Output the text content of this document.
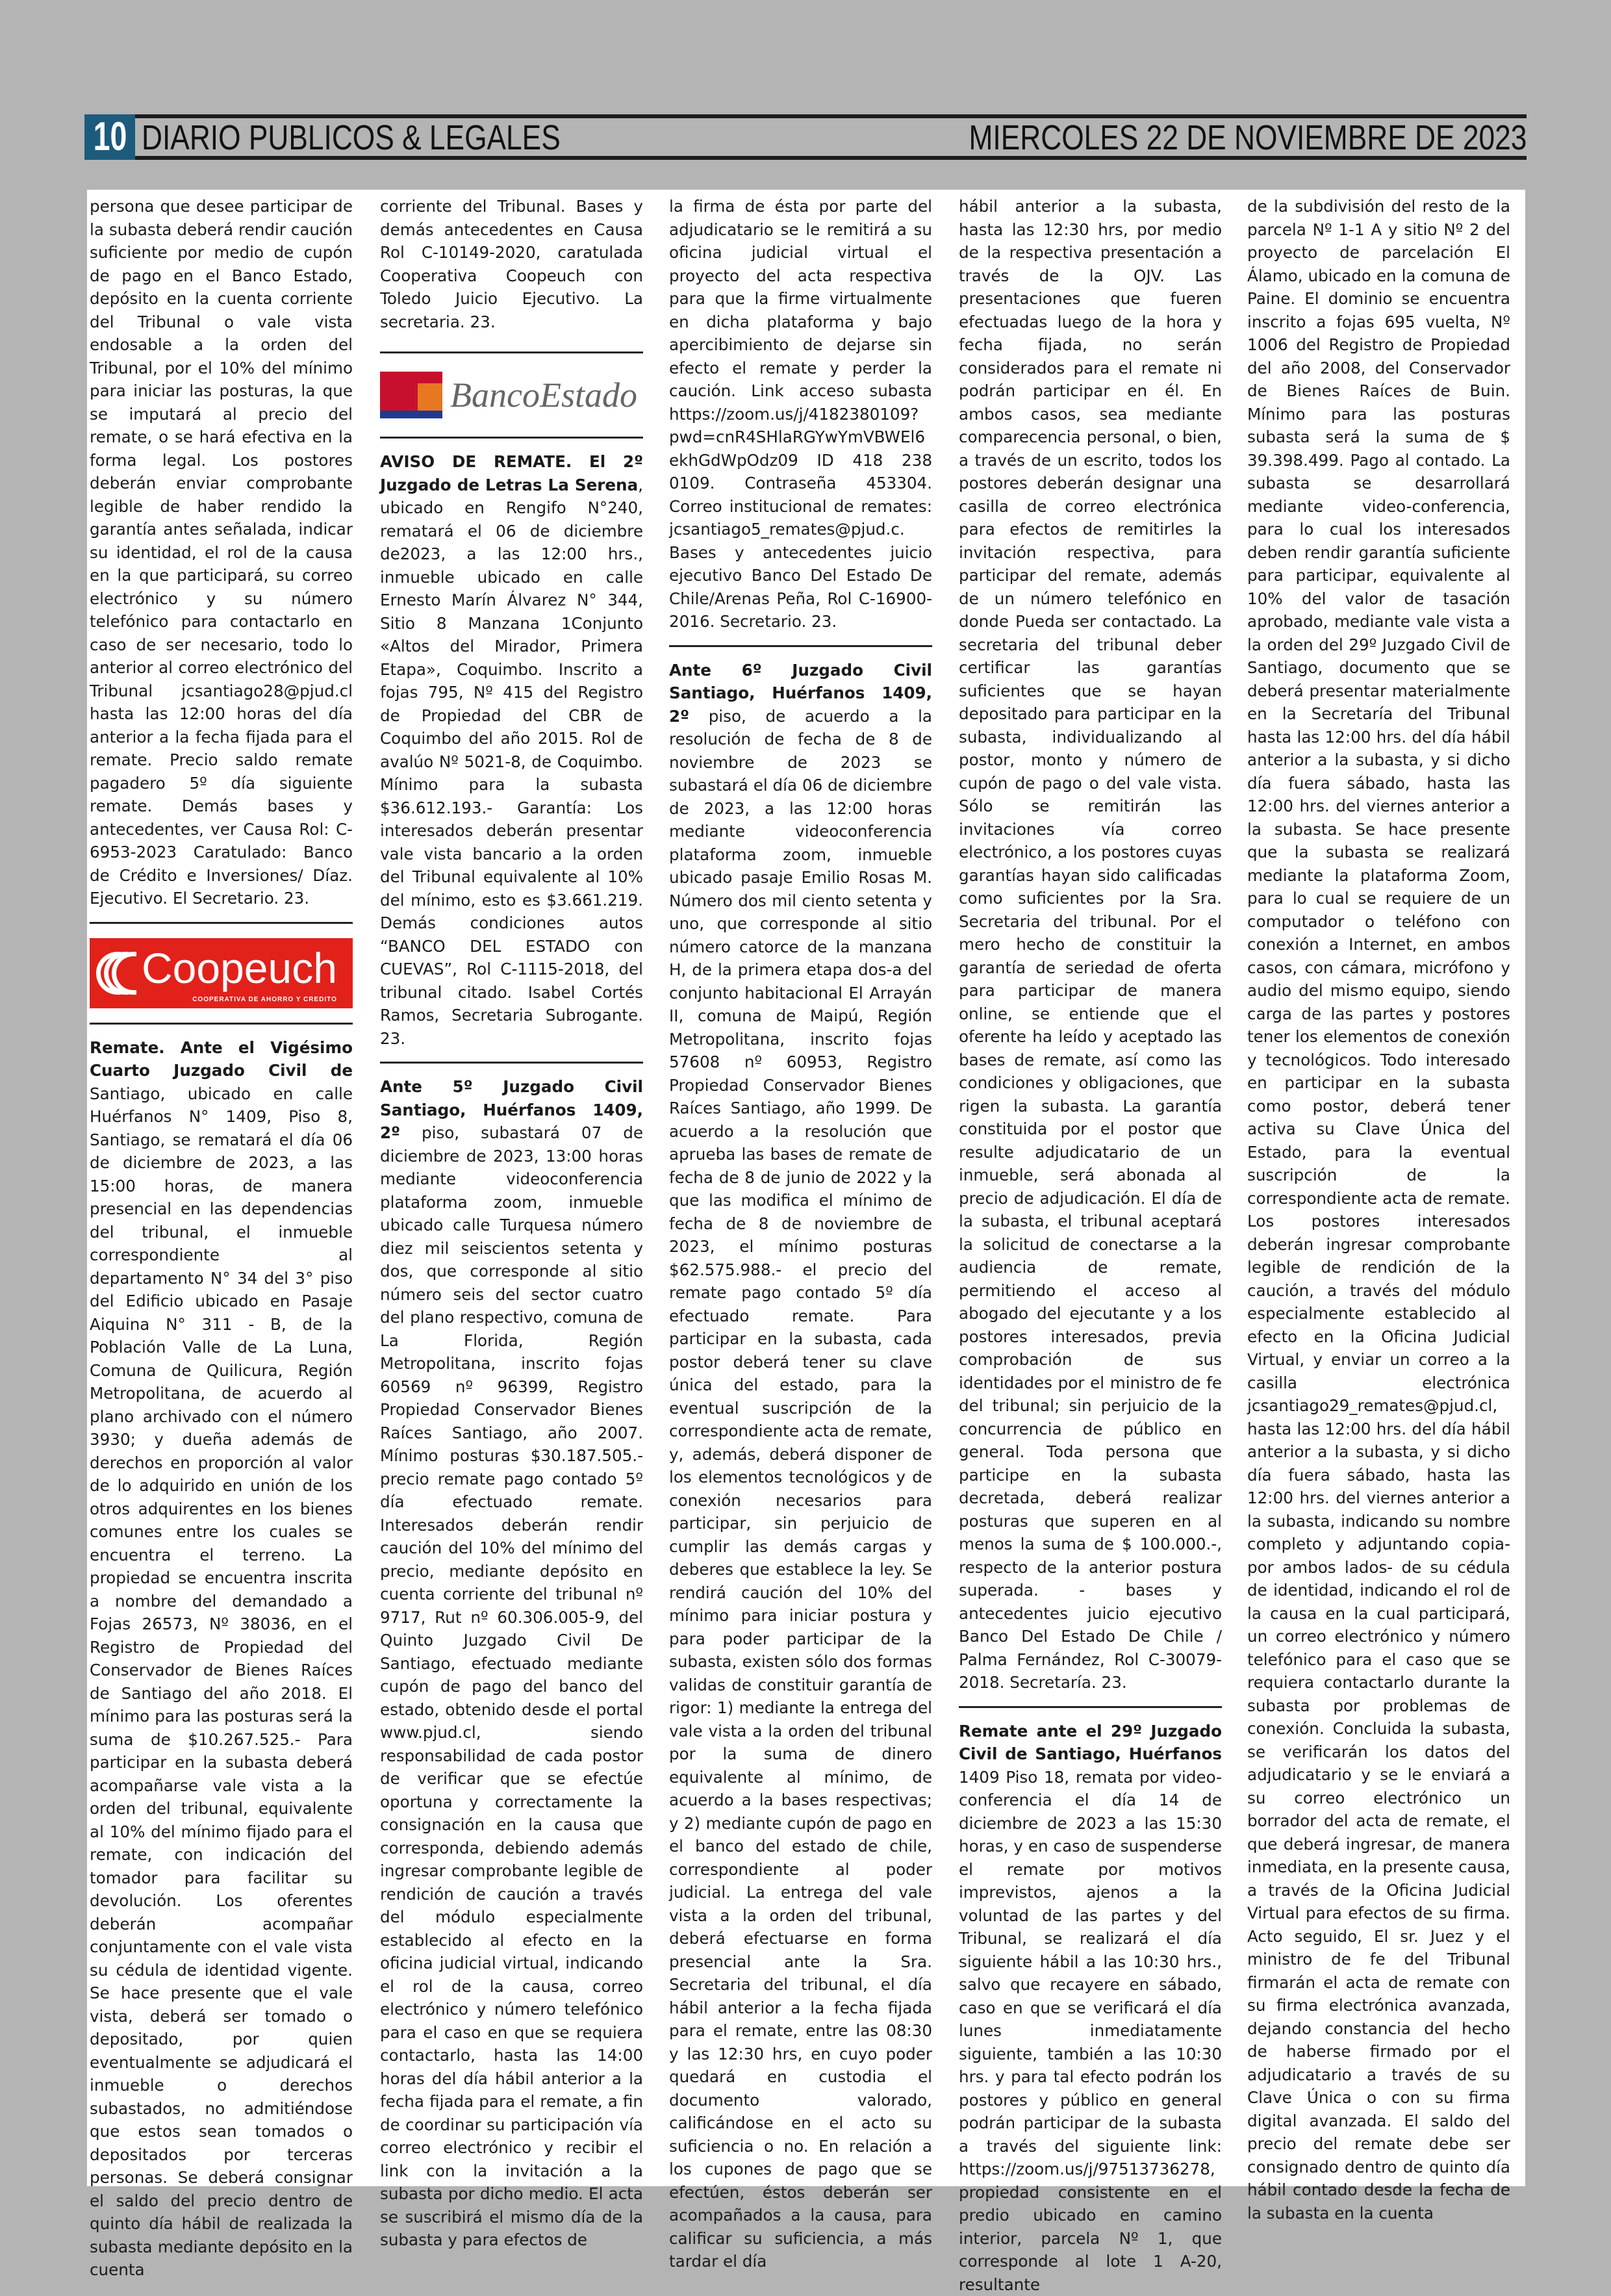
10 DIARIO PUBLICOS & LEGALES	MIERCOLES 22 DE NOVIEMBRE DE 2023

persona que desee participar de la subasta deberá rendir caución suficiente por medio de cupón de pago en el Banco Estado, depósito en la cuenta corriente del Tribunal o vale vista endosable a la orden del Tribunal, por el 10% del mínimo para iniciar las posturas, la que se imputará al precio del remate, o se hará efectiva en la forma legal. Los postores deberán enviar comprobante legible de haber rendido la garantía antes señalada, indicar su identidad, el rol de la causa en la que participará, su correo electrónico y su número telefónico para contactarlo en caso de ser necesario, todo lo anterior al correo electrónico del Tribunal jcsantiago28@pjud.cl hasta las 12:00 horas del día anterior a la fecha fijada para el remate. Precio saldo remate pagadero 5º día siguiente remate. Demás bases y antecedentes, ver Causa Rol: C-6953-2023 Caratulado: Banco de Crédito e Inversiones/ Díaz. Ejecutivo. El Secretario. 23.

Coopeuch
COOPERATIVA DE AHORRO Y CREDITO

Remate. Ante el Vigésimo Cuarto Juzgado Civil de Santiago, ubicado en calle Huérfanos N° 1409, Piso 8, Santiago, se rematará el día 06 de diciembre de 2023, a las 15:00 horas, de manera presencial en las dependencias del tribunal, el inmueble correspondiente al departamento N° 34 del 3° piso del Edificio ubicado en Pasaje Aiquina N° 311 - B, de la Población Valle de La Luna, Comuna de Quilicura, Región Metropolitana, de acuerdo al plano archivado con el número 3930; y dueña además de derechos en proporción al valor de lo adquirido en unión de los otros adquirentes en los bienes comunes entre los cuales se encuentra el terreno. La propiedad se encuentra inscrita a nombre del demandado a Fojas 26573, Nº 38036, en el Registro de Propiedad del Conservador de Bienes Raíces de Santiago del año 2018. El mínimo para las posturas será la suma de $10.267.525.- Para participar en la subasta deberá acompañarse vale vista a la orden del tribunal, equivalente al 10% del mínimo fijado para el remate, con indicación del tomador para facilitar su devolución. Los oferentes deberán acompañar conjuntamente con el vale vista su cédula de identidad vigente. Se hace presente que el vale vista, deberá ser tomado o depositado, por quien eventualmente se adjudicará el inmueble o derechos subastados, no admitiéndose que estos sean tomados o depositados por terceras personas. Se deberá consignar el saldo del precio dentro de quinto día hábil de realizada la subasta mediante depósito en la cuenta

corriente del Tribunal. Bases y demás antecedentes en Causa Rol C-10149-2020, caratulada Cooperativa Coopeuch con Toledo Juicio Ejecutivo. La secretaria. 23.

BancoEstado

AVISO DE REMATE. El 2º Juzgado de Letras La Serena, ubicado en Rengifo N°240, rematará el 06 de diciembre de2023, a las 12:00 hrs., inmueble ubicado en calle Ernesto Marín Álvarez N° 344, Sitio 8 Manzana 1Conjunto «Altos del Mirador, Primera Etapa», Coquimbo. Inscrito a fojas 795, Nº 415 del Registro de Propiedad del CBR de Coquimbo del año 2015. Rol de avalúo Nº 5021-8, de Coquimbo. Mínimo para la subasta $36.612.193.- Garantía: Los interesados deberán presentar vale vista bancario a la orden del Tribunal equivalente al 10% del mínimo, esto es $3.661.219. Demás condiciones autos “BANCO DEL ESTADO con CUEVAS”, Rol C-1115-2018, del tribunal citado. Isabel Cortés Ramos, Secretaria Subrogante. 23.

Ante 5º Juzgado Civil Santiago, Huérfanos 1409, 2º piso, subastará 07 de diciembre de 2023, 13:00 horas mediante videoconferencia plataforma zoom, inmueble ubicado calle Turquesa número diez mil seiscientos setenta y dos, que corresponde al sitio número seis del sector cuatro del plano respectivo, comuna de La Florida, Región Metropolitana, inscrito fojas 60569 nº 96399, Registro Propiedad Conservador Bienes Raíces Santiago, año 2007. Mínimo posturas $30.187.505.- precio remate pago contado 5º día efectuado remate. Interesados deberán rendir caución del 10% del mínimo del precio, mediante depósito en cuenta corriente del tribunal nº 9717, Rut nº 60.306.005-9, del Quinto Juzgado Civil De Santiago, efectuado mediante cupón de pago del banco del estado, obtenido desde el portal www.pjud.cl, siendo responsabilidad de cada postor de verificar que se efectúe oportuna y correctamente la consignación en la causa que corresponda, debiendo además ingresar comprobante legible de rendición de caución a través del módulo especialmente establecido al efecto en la oficina judicial virtual, indicando el rol de la causa, correo electrónico y número telefónico para el caso en que se requiera contactarlo, hasta las 14:00 horas del día hábil anterior a la fecha fijada para el remate, a fin de coordinar su participación vía correo electrónico y recibir el link con la invitación a la subasta por dicho medio. El acta se suscribirá el mismo día de la subasta y para efectos de

la firma de ésta por parte del adjudicatario se le remitirá a su oficina judicial virtual el proyecto del acta respectiva para que la firme virtualmente en dicha plataforma y bajo apercibimiento de dejarse sin efecto el remate y perder la caución. Link acceso subasta https://zoom.us/j/4182380109?pwd=cnR4SHlaRGYwYmVBWEl6ekhGdWpOdz09 ID 418 238 0109. Contraseña 453304. Correo institucional de remates: jcsantiago5_remates@pjud.c. Bases y antecedentes juicio ejecutivo Banco Del Estado De Chile/Arenas Peña, Rol C-16900-2016. Secretario. 23.

Ante 6º Juzgado Civil Santiago, Huérfanos 1409, 2º piso, de acuerdo a la resolución de fecha de 8 de noviembre de 2023 se subastará el día 06 de diciembre de 2023, a las 12:00 horas mediante videoconferencia plataforma zoom, inmueble ubicado pasaje Emilio Rosas M. Número dos mil ciento setenta y uno, que corresponde al sitio número catorce de la manzana H, de la primera etapa dos-a del conjunto habitacional El Arrayán II, comuna de Maipú, Región Metropolitana, inscrito fojas 57608 nº 60953, Registro Propiedad Conservador Bienes Raíces Santiago, año 1999. De acuerdo a la resolución que aprueba las bases de remate de fecha de 8 de junio de 2022 y la que las modifica el mínimo de fecha de 8 de noviembre de 2023, el mínimo posturas $62.575.988.- el precio del remate pago contado 5º día efectuado remate. Para participar en la subasta, cada postor deberá tener su clave única del estado, para la eventual suscripción de la correspondiente acta de remate, y, además, deberá disponer de los elementos tecnológicos y de conexión necesarios para participar, sin perjuicio de cumplir las demás cargas y deberes que establece la ley. Se rendirá caución del 10% del mínimo para iniciar postura y para poder participar de la subasta, existen sólo dos formas validas de constituir garantía de rigor: 1) mediante la entrega del vale vista a la orden del tribunal por la suma de dinero equivalente al mínimo, de acuerdo a la bases respectivas; y 2) mediante cupón de pago en el banco del estado de chile, correspondiente al poder judicial. La entrega del vale vista a la orden del tribunal, deberá efectuarse en forma presencial ante la Sra. Secretaria del tribunal, el día hábil anterior a la fecha fijada para el remate, entre las 08:30 y las 12:30 hrs, en cuyo poder quedará en custodia el documento valorado, calificándose en el acto su suficiencia o no. En relación a los cupones de pago que se efectúen, éstos deberán ser acompañados a la causa, para calificar su suficiencia, a más tardar el día

hábil anterior a la subasta, hasta las 12:30 hrs, por medio de la respectiva presentación a través de la OJV. Las presentaciones que fueren efectuadas luego de la hora y fecha fijada, no serán considerados para el remate ni podrán participar en él. En ambos casos, sea mediante comparecencia personal, o bien, a través de un escrito, todos los postores deberán designar una casilla de correo electrónica para efectos de remitirles la invitación respectiva, para participar del remate, además de un número telefónico en donde Pueda ser contactado. La secretaria del tribunal deber certificar las garantías suficientes que se hayan depositado para participar en la subasta, individualizando al postor, monto y número de cupón de pago o del vale vista. Sólo se remitirán las invitaciones vía correo electrónico, a los postores cuyas garantías hayan sido calificadas como suficientes por la Sra. Secretaria del tribunal. Por el mero hecho de constituir la garantía de seriedad de oferta para participar de manera online, se entiende que el oferente ha leído y aceptado las bases de remate, así como las condiciones y obligaciones, que rigen la subasta. La garantía constituida por el postor que resulte adjudicatario de un inmueble, será abonada al precio de adjudicación. El día de la subasta, el tribunal aceptará la solicitud de conectarse a la audiencia de remate, permitiendo el acceso al abogado del ejecutante y a los postores interesados, previa comprobación de sus identidades por el ministro de fe del tribunal; sin perjuicio de la concurrencia de público en general. Toda persona que participe en la subasta decretada, deberá realizar posturas que superen en al menos la suma de $ 100.000.-, respecto de la anterior postura superada. - bases y antecedentes juicio ejecutivo Banco Del Estado De Chile / Palma Fernández, Rol C-30079-2018. Secretaría. 23.

Remate ante el 29º Juzgado Civil de Santiago, Huérfanos 1409 Piso 18, remata por video-conferencia el día 14 de diciembre de 2023 a las 15:30 horas, y en caso de suspenderse el remate por motivos imprevistos, ajenos a la voluntad de las partes y del Tribunal, se realizará el día siguiente hábil a las 10:30 hrs., salvo que recayere en sábado, caso en que se verificará el día lunes inmediatamente siguiente, también a las 10:30 hrs. y para tal efecto podrán los postores y público en general podrán participar de la subasta a través del siguiente link: https://zoom.us/j/97513736278, propiedad consistente en el predio ubicado en camino interior, parcela Nº 1, que corresponde al lote 1 A-20, resultante

de la subdivisión del resto de la parcela Nº 1-1 A y sitio Nº 2 del proyecto de parcelación El Álamo, ubicado en la comuna de Paine. El dominio se encuentra inscrito a fojas 695 vuelta, Nº 1006 del Registro de Propiedad del año 2008, del Conservador de Bienes Raíces de Buin. Mínimo para las posturas subasta será la suma de $ 39.398.499. Pago al contado. La subasta se desarrollará mediante video-conferencia, para lo cual los interesados deben rendir garantía suficiente para participar, equivalente al 10% del valor de tasación aprobado, mediante vale vista a la orden del 29º Juzgado Civil de Santiago, documento que se deberá presentar materialmente en la Secretaría del Tribunal hasta las 12:00 hrs. del día hábil anterior a la subasta, y si dicho día fuera sábado, hasta las 12:00 hrs. del viernes anterior a la subasta. Se hace presente que la subasta se realizará mediante la plataforma Zoom, para lo cual se requiere de un computador o teléfono con conexión a Internet, en ambos casos, con cámara, micrófono y audio del mismo equipo, siendo carga de las partes y postores tener los elementos de conexión y tecnológicos. Todo interesado en participar en la subasta como postor, deberá tener activa su Clave Única del Estado, para la eventual suscripción de la correspondiente acta de remate. Los postores interesados deberán ingresar comprobante legible de rendición de la caución, a través del módulo especialmente establecido al efecto en la Oficina Judicial Virtual, y enviar un correo a la casilla electrónica jcsantiago29_remates@pjud.cl, hasta las 12:00 hrs. del día hábil anterior a la subasta, y si dicho día fuera sábado, hasta las 12:00 hrs. del viernes anterior a la subasta, indicando su nombre completo y adjuntando copia- por ambos lados- de su cédula de identidad, indicando el rol de la causa en la cual participará, un correo electrónico y número telefónico para el caso que se requiera contactarlo durante la subasta por problemas de conexión. Concluida la subasta, se verificarán los datos del adjudicatario y se le enviará a su correo electrónico un borrador del acta de remate, el que deberá ingresar, de manera inmediata, en la presente causa, a través de la Oficina Judicial Virtual para efectos de su firma. Acto seguido, El sr. Juez y el ministro de fe del Tribunal firmarán el acta de remate con su firma electrónica avanzada, dejando constancia del hecho de haberse firmado por el adjudicatario a través de su Clave Única o con su firma digital avanzada. El saldo del precio del remate debe ser consignado dentro de quinto día hábil contado desde la fecha de la subasta en la cuenta
